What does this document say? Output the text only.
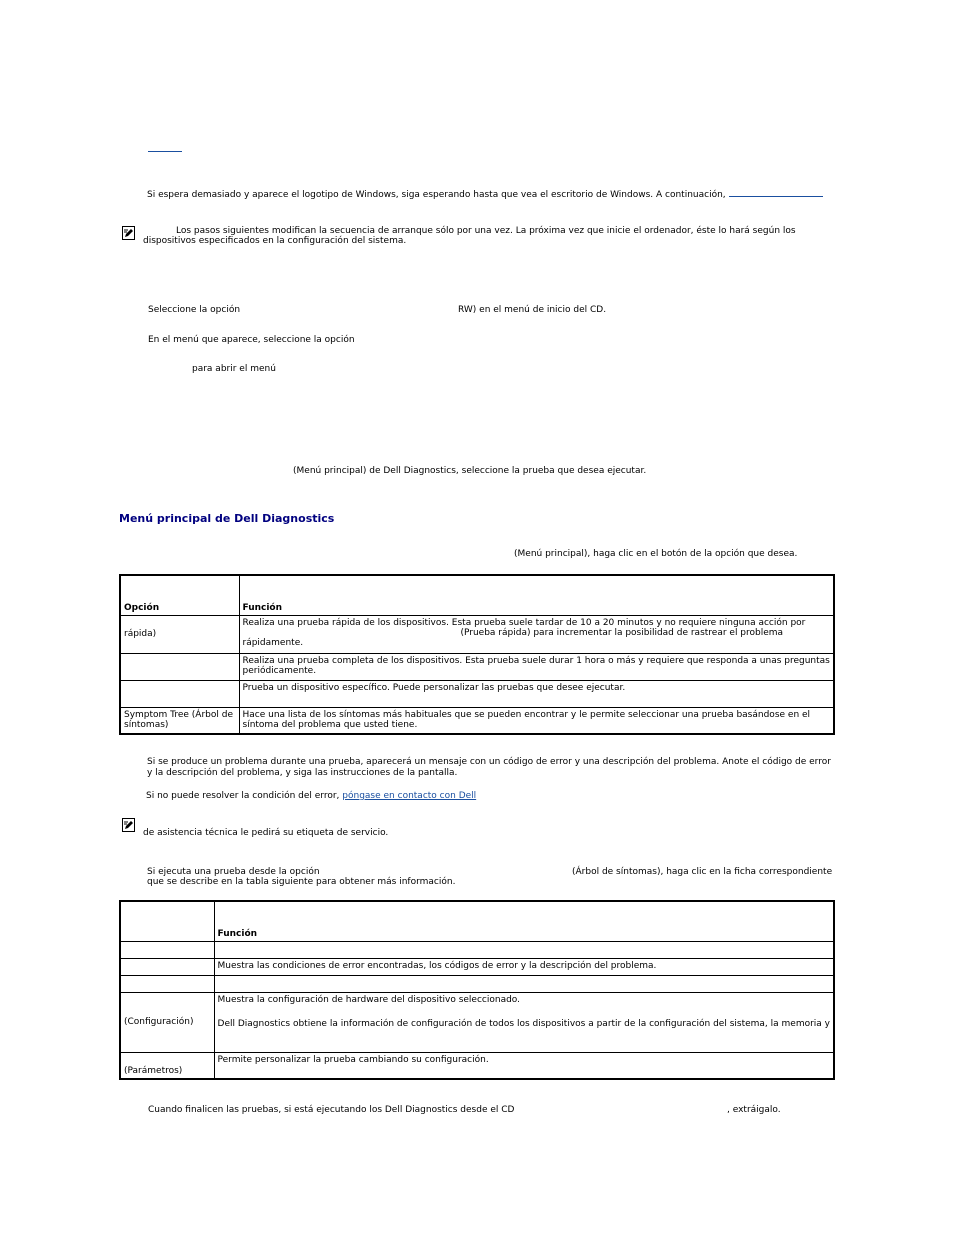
Si espera demasiado y aparece el logotipo de Windows, siga esperando hasta que vea el escritorio de Windows. A continuación,
Los pasos siguientes modifican la secuencia de arranque sólo por una vez. La próxima vez que inicie el ordenador, éste lo hará según los
dispositivos especificados en la configuración del sistema.
Seleccione la opción	RW) en el menú de inicio del CD.
En el menú que aparece, seleccione la opción
para abrir el menú
(Menú principal) de Dell Diagnostics, seleccione la prueba que desea ejecutar.
Menú principal de Dell Diagnostics
(Menú principal), haga clic en el botón de la opción que desea.
Opción	Función
rápida)	Realiza una prueba rápida de los dispositivos. Esta prueba suele tardar de 10 a 20 minutos y no requiere ninguna acción por
(Prueba rápida) para incrementar la posibilidad de rastrear el problema
rápidamente.

	Realiza una prueba completa de los dispositivos. Esta prueba suele durar 1 hora o más y requiere que responda a unas preguntas periódicamente.
	Prueba un dispositivo específico. Puede personalizar las pruebas que desee ejecutar.
Symptom Tree (Árbol de síntomas)	Hace una lista de los síntomas más habituales que se pueden encontrar y le permite seleccionar una prueba basándose en el síntoma del problema que usted tiene.
Si se produce un problema durante una prueba, aparecerá un mensaje con un código de error y una descripción del problema. Anote el código de error y la descripción del problema, y siga las instrucciones de la pantalla.
Si no puede resolver la condición del error, póngase en contacto con Dell
de asistencia técnica le pedirá su etiqueta de servicio.
Si ejecuta una prueba desde la opción	(Árbol de síntomas), haga clic en la ficha correspondiente
que se describe en la tabla siguiente para obtener más información.
	Función

	Muestra las condiciones de error encontradas, los códigos de error y la descripción del problema.

(Configuración)	Muestra la configuración de hardware del dispositivo seleccionado.

Dell Diagnostics obtiene la información de configuración de todos los dispositivos a partir de la configuración del sistema, la memoria y

(Parámetros)	Permite personalizar la prueba cambiando su configuración.
Cuando finalicen las pruebas, si está ejecutando los Dell Diagnostics desde el CD	, extráigalo.
